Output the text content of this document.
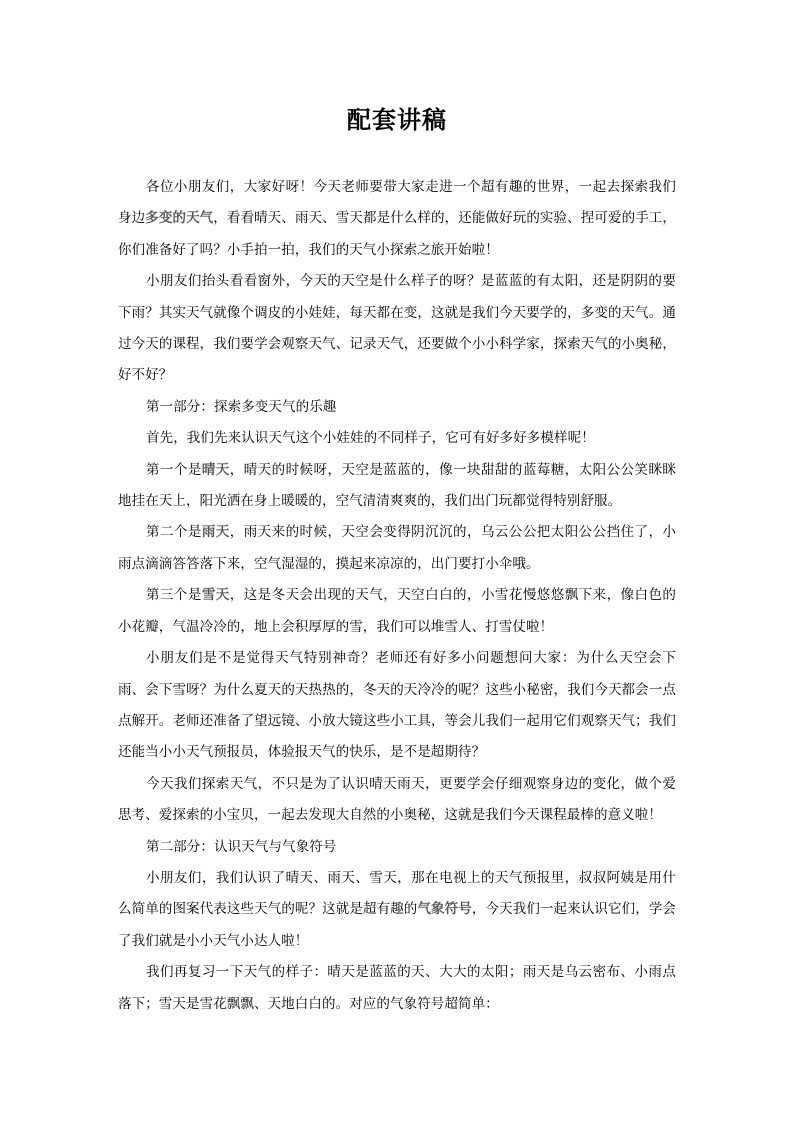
配套讲稿

各位小朋友们，大家好呀！今天老师要带大家走进一个超有趣的世界，一起去探索我们身边多变的天气，看看晴天、雨天、雪天都是什么样的，还能做好玩的实验、捏可爱的手工，你们准备好了吗？小手拍一拍，我们的天气小探索之旅开始啦！

小朋友们抬头看看窗外，今天的天空是什么样子的呀？是蓝蓝的有太阳，还是阴阴的要下雨？其实天气就像个调皮的小娃娃，每天都在变，这就是我们今天要学的，多变的天气。通过今天的课程，我们要学会观察天气、记录天气，还要做个小小科学家，探索天气的小奥秘，好不好？

第一部分：探索多变天气的乐趣

首先，我们先来认识天气这个小娃娃的不同样子，它可有好多好多模样呢！

第一个是晴天，晴天的时候呀，天空是蓝蓝的，像一块甜甜的蓝莓糖，太阳公公笑眯眯地挂在天上，阳光洒在身上暖暖的，空气清清爽爽的，我们出门玩都觉得特别舒服。

第二个是雨天，雨天来的时候，天空会变得阴沉沉的，乌云公公把太阳公公挡住了，小雨点滴滴答答落下来，空气湿湿的，摸起来凉凉的，出门要打小伞哦。

第三个是雪天，这是冬天会出现的天气，天空白白的，小雪花慢悠悠飘下来，像白色的小花瓣，气温冷冷的，地上会积厚厚的雪，我们可以堆雪人、打雪仗啦！

小朋友们是不是觉得天气特别神奇？老师还有好多小问题想问大家：为什么天空会下雨、会下雪呀？为什么夏天的天热热的，冬天的天冷冷的呢？这些小秘密，我们今天都会一点点解开。老师还准备了望远镜、小放大镜这些小工具，等会儿我们一起用它们观察天气；我们还能当小小天气预报员，体验报天气的快乐，是不是超期待？

今天我们探索天气，不只是为了认识晴天雨天，更要学会仔细观察身边的变化，做个爱思考、爱探索的小宝贝，一起去发现大自然的小奥秘，这就是我们今天课程最棒的意义啦！

第二部分：认识天气与气象符号

小朋友们，我们认识了晴天、雨天、雪天，那在电视上的天气预报里，叔叔阿姨是用什么简单的图案代表这些天气的呢？这就是超有趣的气象符号，今天我们一起来认识它们，学会了我们就是小小天气小达人啦！

我们再复习一下天气的样子：晴天是蓝蓝的天、大大的太阳；雨天是乌云密布、小雨点落下；雪天是雪花飘飘、天地白白的。对应的气象符号超简单：
